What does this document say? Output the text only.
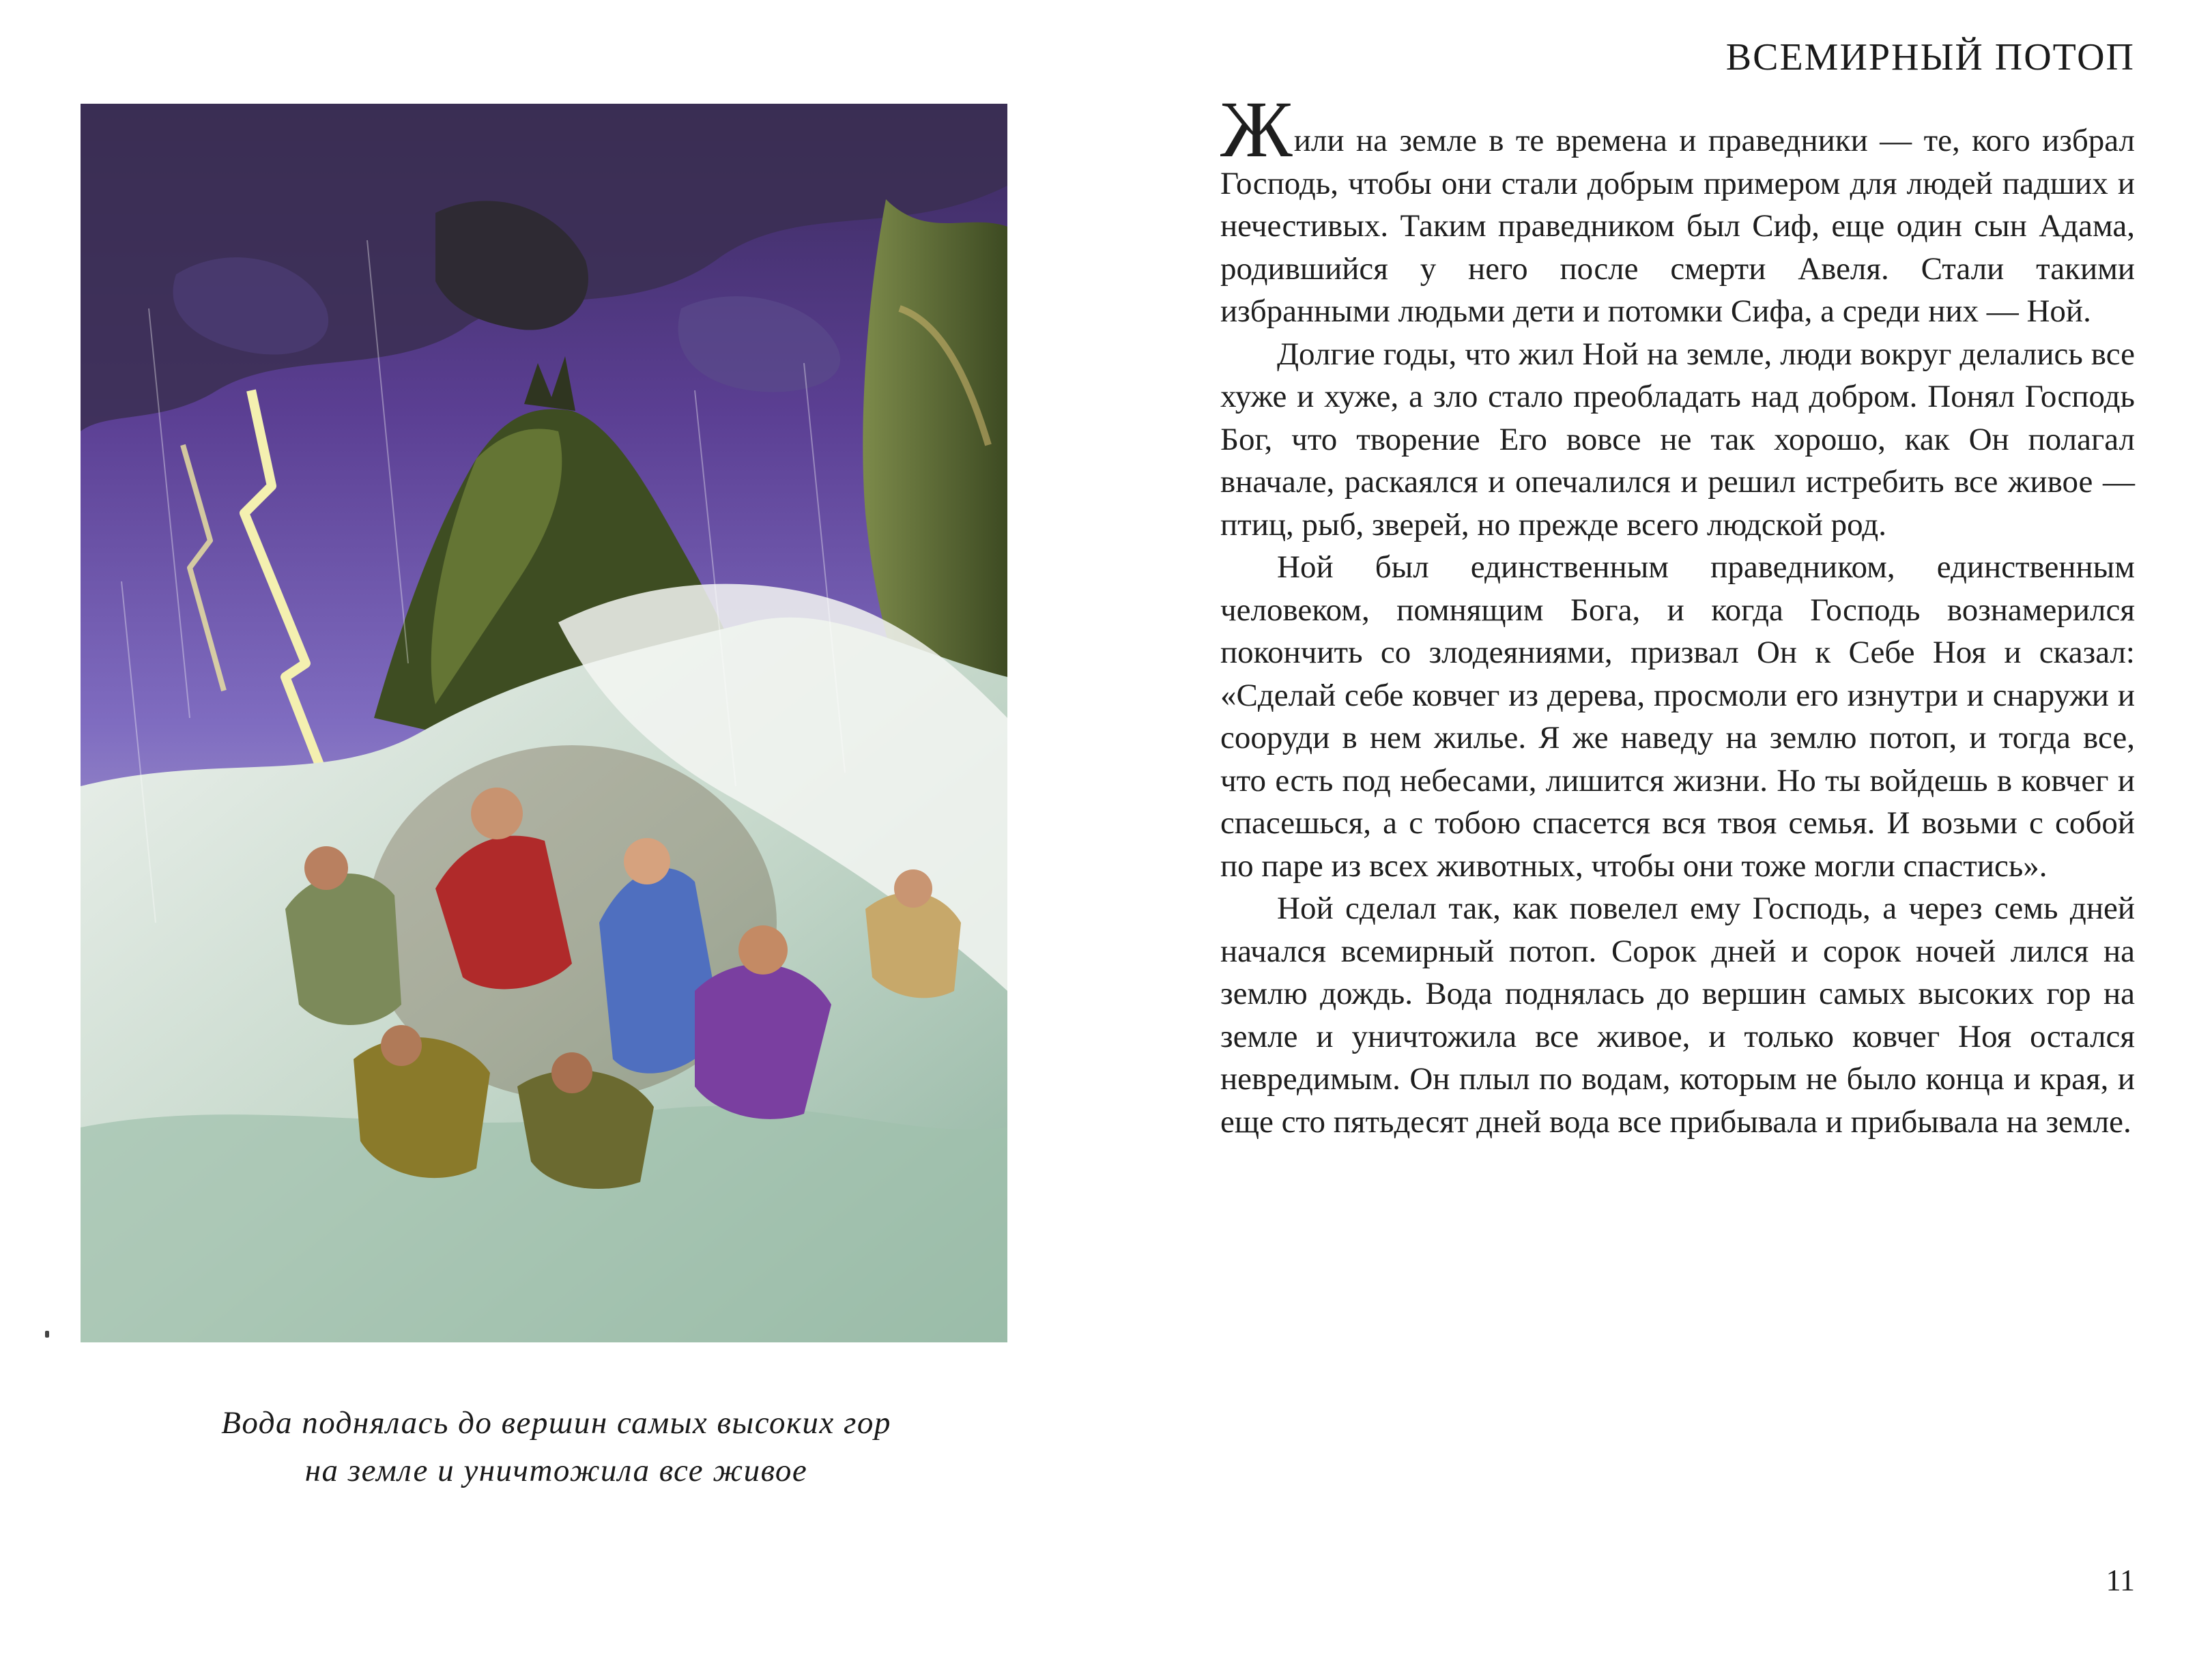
Вода поднялась до вершин самых высоких гор
на земле и уничтожила все живое
ВСЕМИРНЫЙ ПОТОП

Жили на земле в те времена и праведники — те, кого избрал Господь, чтобы они стали добрым примером для людей падших и нечестивых. Таким праведником был Сиф, еще один сын Адама, родившийся у него после смерти Авеля. Стали такими избранными людьми дети и потомки Сифа, а среди них — Ной.

Долгие годы, что жил Ной на земле, люди вокруг делались все хуже и хуже, а зло стало преобладать над добром. Понял Господь Бог, что творение Его вовсе не так хорошо, как Он полагал вначале, раскаялся и опечалился и решил истребить все живое — птиц, рыб, зверей, но прежде всего людской род.

Ной был единственным праведником, единственным человеком, помнящим Бога, и когда Господь вознамерился покончить со злодеяниями, призвал Он к Себе Ноя и сказал: «Сделай себе ковчег из дерева, просмоли его изнутри и снаружи и сооруди в нем жилье. Я же наведу на землю потоп, и тогда все, что есть под небесами, лишится жизни. Но ты войдешь в ковчег и спасешься, а с тобою спасется вся твоя семья. И возьми с собой по паре из всех животных, чтобы они тоже могли спастись».

Ной сделал так, как повелел ему Господь, а через семь дней начался всемирный потоп. Сорок дней и сорок ночей лился на землю дождь. Вода поднялась до вершин самых высоких гор на земле и уничтожила все живое, и только ковчег Ноя остался невредимым. Он плыл по водам, которым не было конца и края, и еще сто пятьдесят дней вода все прибывала и прибывала на земле.

11
